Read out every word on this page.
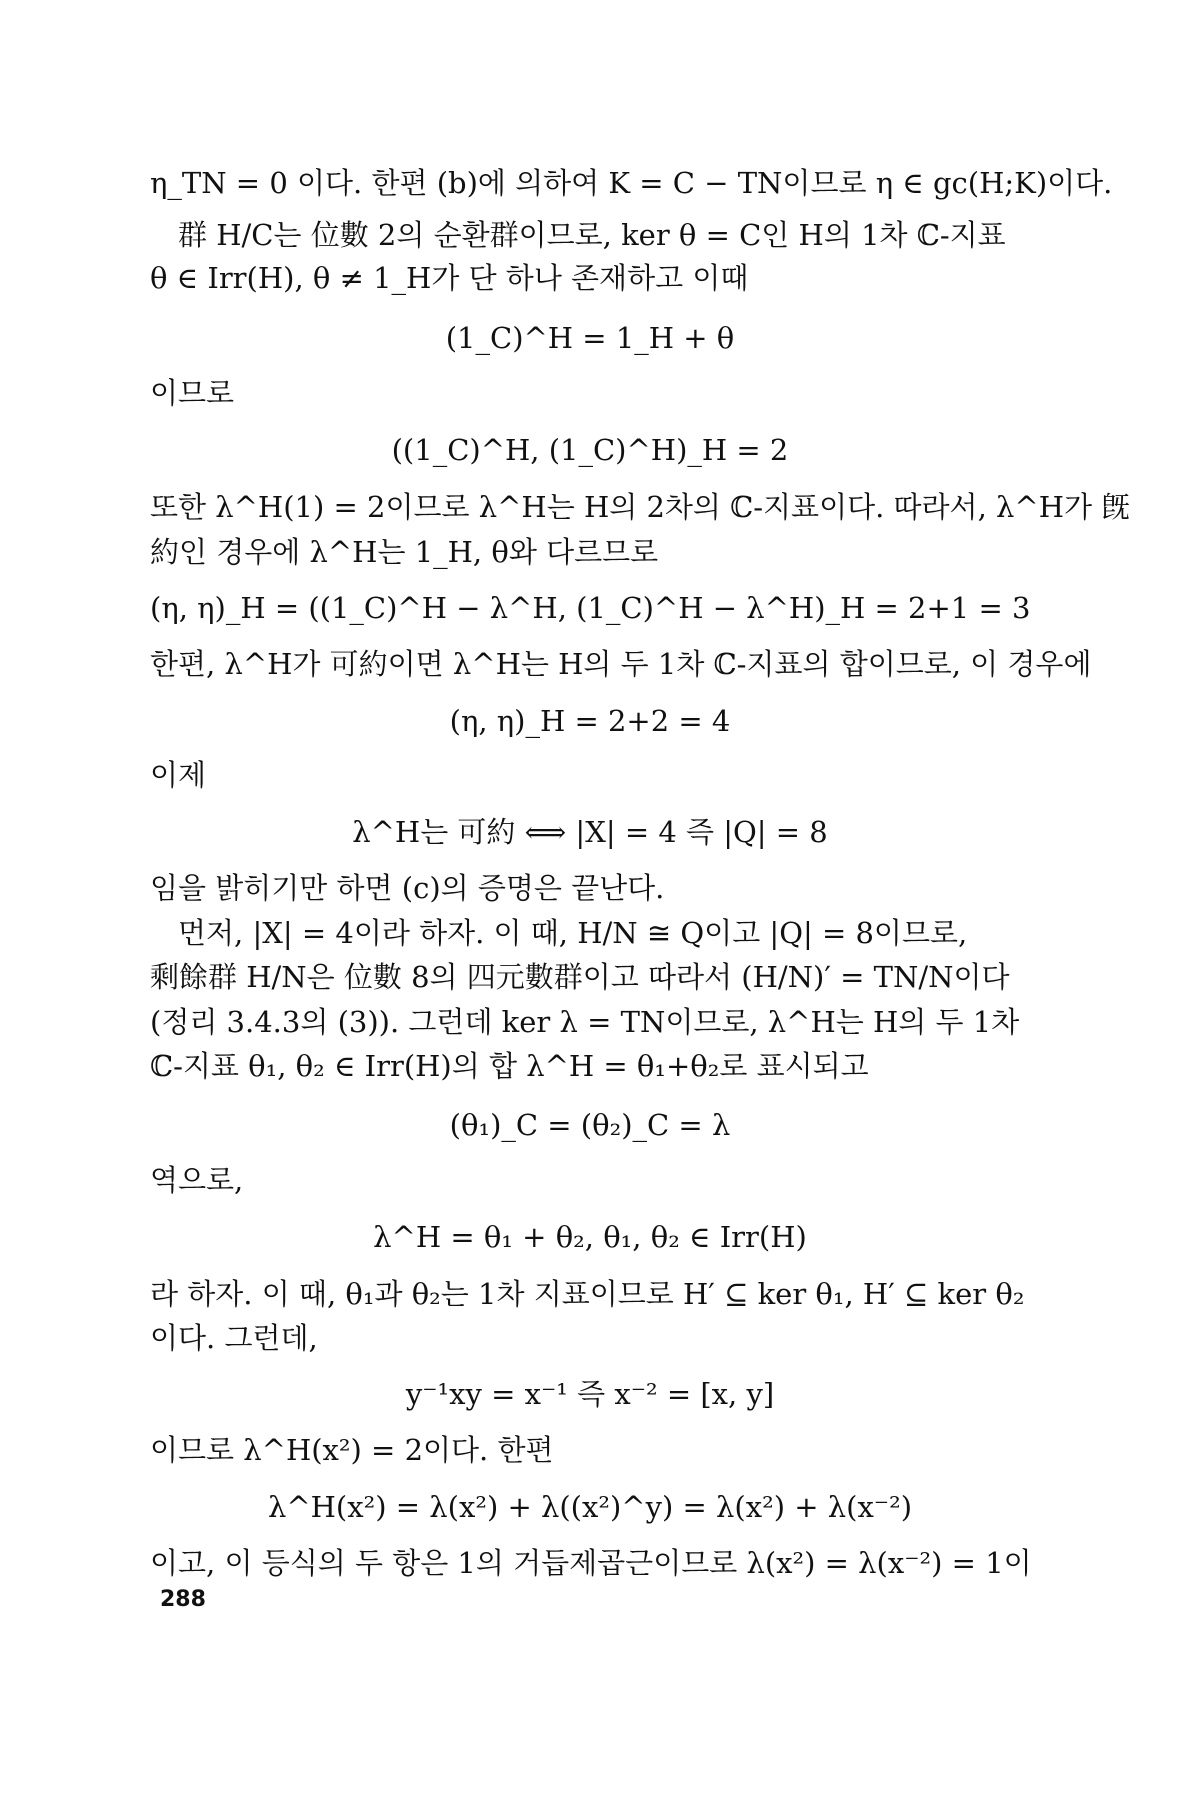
η_TN = 0 이다. 한편 (b)에 의하여 K = C − TN이므로 η ∈ gc(H;K)이다.
群 H/C는 位數 2의 순환群이므로, ker θ = C인 H의 1차 ℂ-지표
θ ∈ Irr(H), θ ≠ 1_H가 단 하나 존재하고 이때
(1_C)^H = 1_H + θ
이므로
((1_C)^H, (1_C)^H)_H = 2
또한 λ^H(1) = 2이므로 λ^H는 H의 2차의 ℂ-지표이다. 따라서, λ^H가 旣
約인 경우에 λ^H는 1_H, θ와 다르므로
(η, η)_H = ((1_C)^H − λ^H, (1_C)^H − λ^H)_H = 2+1 = 3
한편, λ^H가 可約이면 λ^H는 H의 두 1차 ℂ-지표의 합이므로, 이 경우에
(η, η)_H = 2+2 = 4
이제
λ^H는 可約 ⟺ |X| = 4 즉 |Q| = 8
임을 밝히기만 하면 (c)의 증명은 끝난다.
먼저, |X| = 4이라 하자. 이 때, H/N ≅ Q이고 |Q| = 8이므로,
剩餘群 H/N은 位數 8의 四元數群이고 따라서 (H/N)′ = TN/N이다
(정리 3.4.3의 (3)). 그런데 ker λ = TN이므로, λ^H는 H의 두 1차
ℂ-지표 θ₁, θ₂ ∈ Irr(H)의 합 λ^H = θ₁+θ₂로 표시되고
(θ₁)_C = (θ₂)_C = λ
역으로,
λ^H = θ₁ + θ₂, θ₁, θ₂ ∈ Irr(H)
라 하자. 이 때, θ₁과 θ₂는 1차 지표이므로 H′ ⊆ ker θ₁, H′ ⊆ ker θ₂
이다. 그런데,
y⁻¹xy = x⁻¹ 즉 x⁻² = [x, y]
이므로 λ^H(x²) = 2이다. 한편
λ^H(x²) = λ(x²) + λ((x²)^y) = λ(x²) + λ(x⁻²)
이고, 이 등식의 두 항은 1의 거듭제곱근이므로 λ(x²) = λ(x⁻²) = 1이
288
